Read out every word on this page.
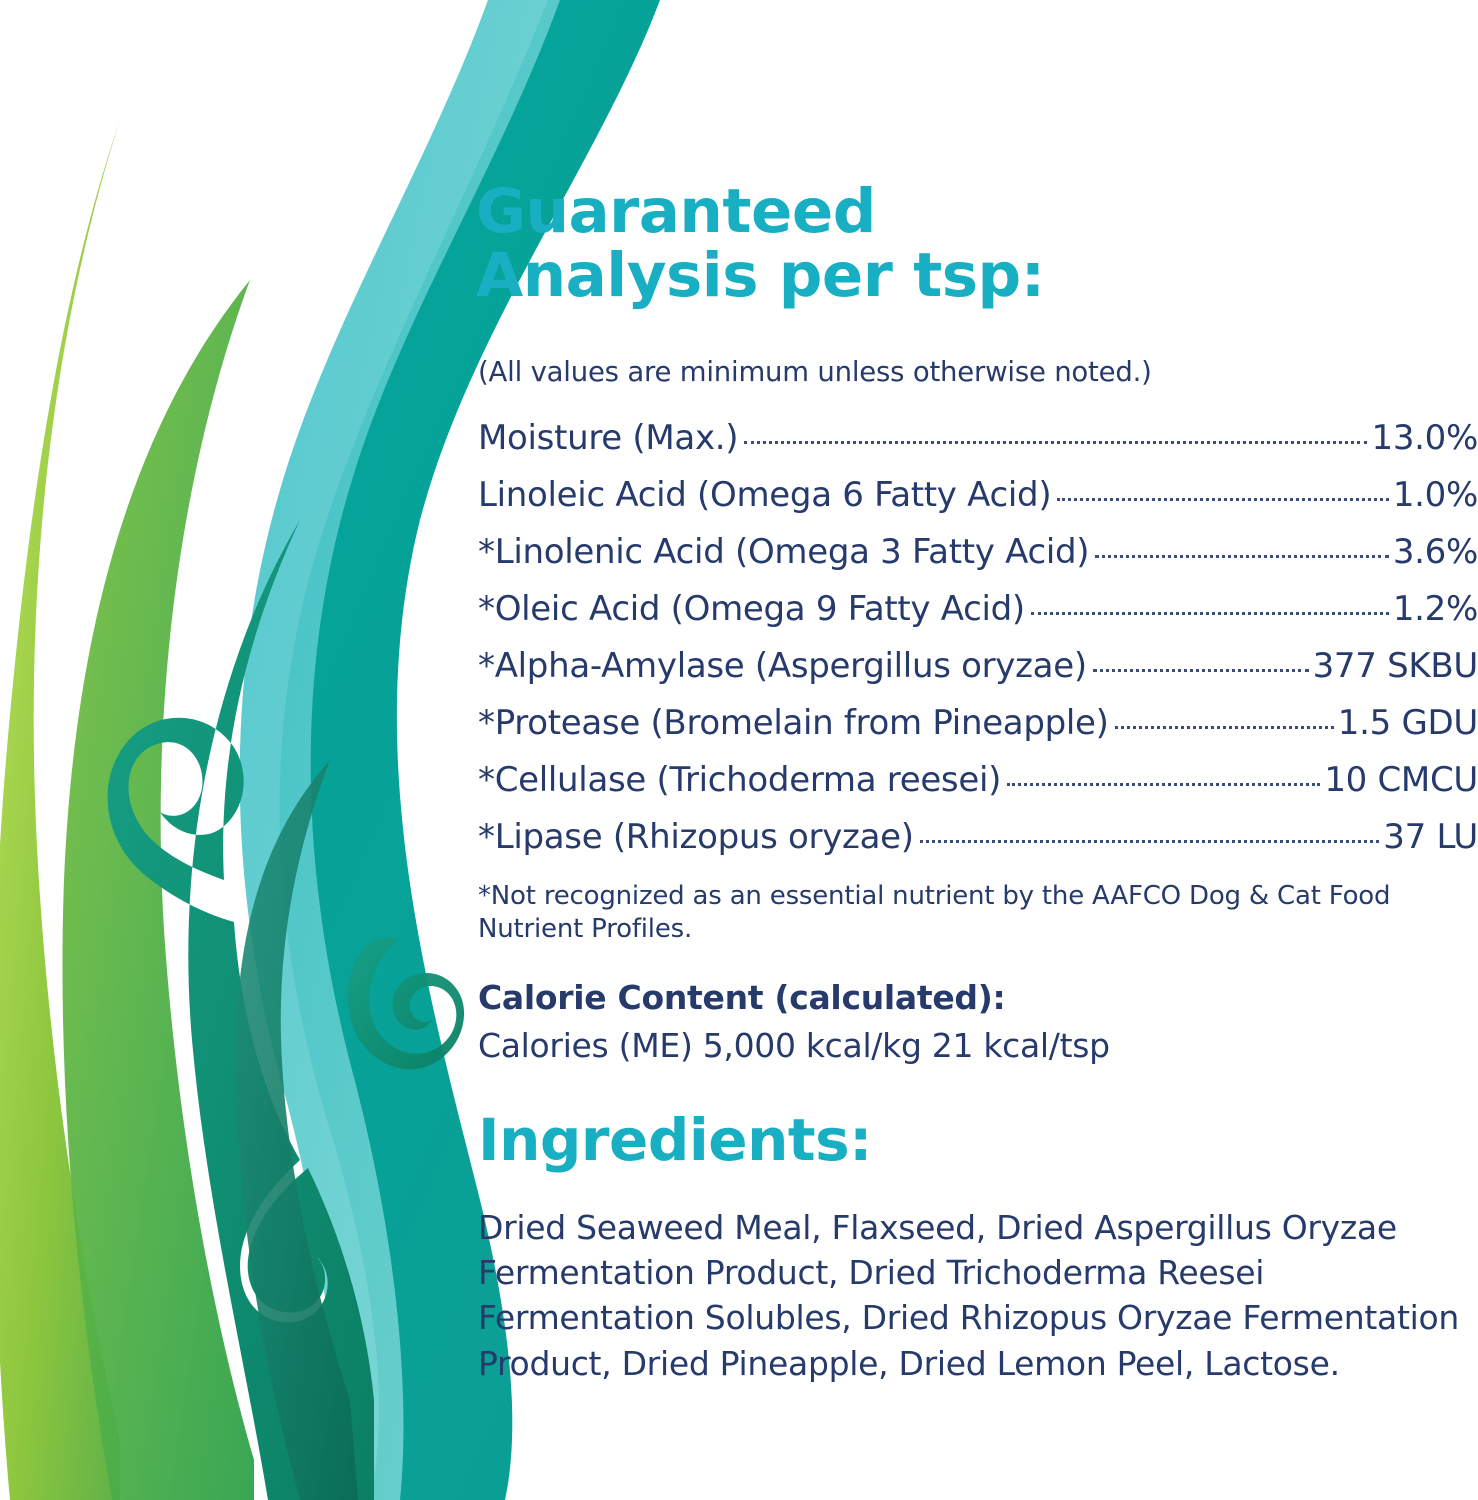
Guaranteed
Analysis per tsp:
(All values are minimum unless otherwise noted.)
Moisture (Max.)	13.0%
Linoleic Acid (Omega 6 Fatty Acid)	1.0%
*Linolenic Acid (Omega 3 Fatty Acid)	3.6%
*Oleic Acid (Omega 9 Fatty Acid)	1.2%
*Alpha-Amylase (Aspergillus oryzae)	377 SKBU
*Protease (Bromelain from Pineapple)	1.5 GDU
*Cellulase (Trichoderma reesei)	10 CMCU
*Lipase (Rhizopus oryzae)	37 LU
*Not recognized as an essential nutrient by the AAFCO Dog & Cat Food Nutrient Profiles.
Calorie Content (calculated):
Calories (ME) 5,000 kcal/kg 21 kcal/tsp
Ingredients:
Dried Seaweed Meal, Flaxseed, Dried Aspergillus Oryzae Fermentation Product, Dried Trichoderma Reesei Fermentation Solubles, Dried Rhizopus Oryzae Fermentation Product, Dried Pineapple, Dried Lemon Peel, Lactose.
